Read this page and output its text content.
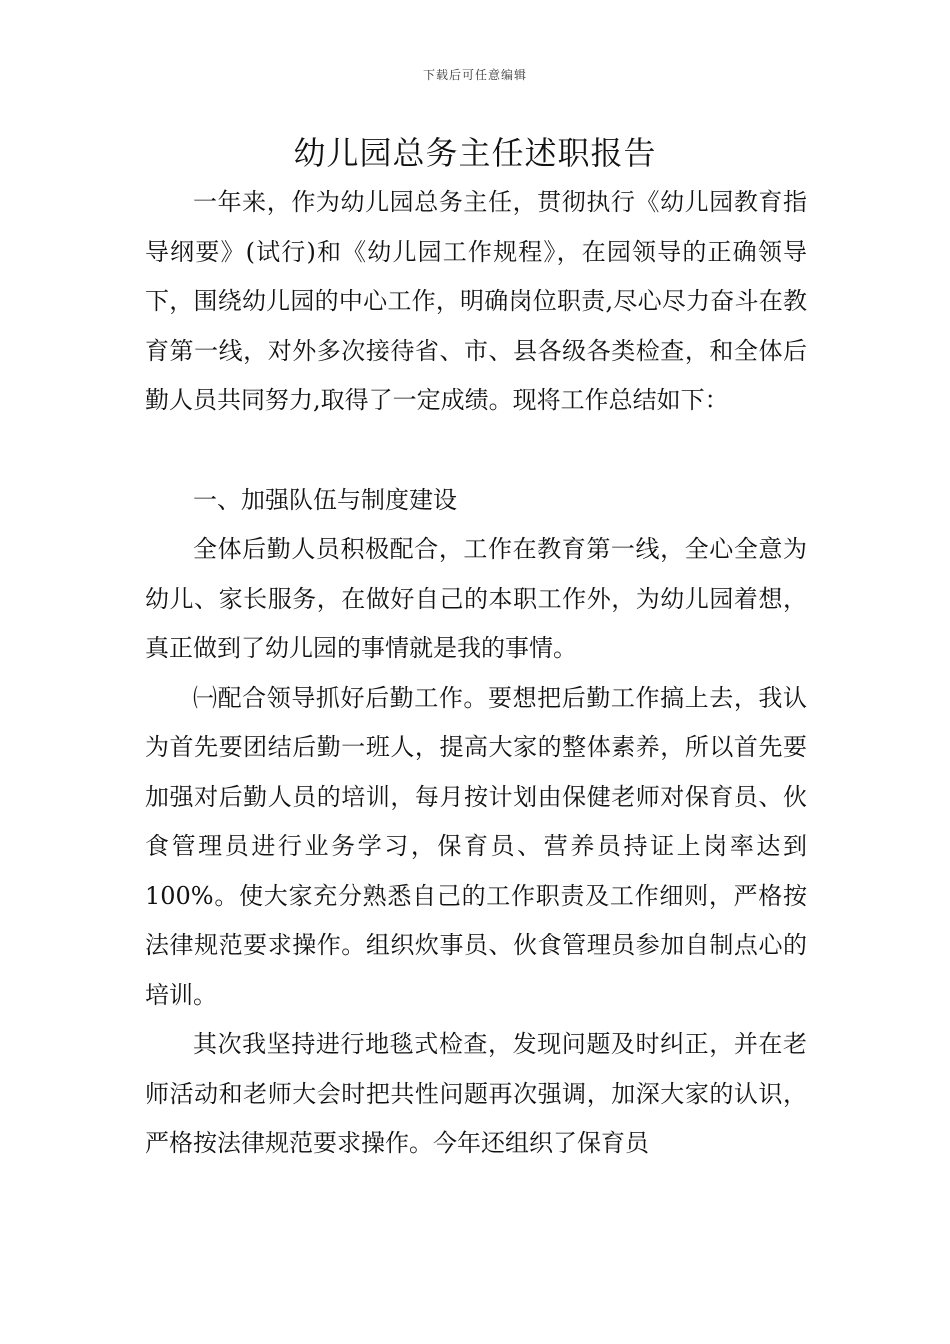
下载后可任意编辑
幼儿园总务主任述职报告

一年来，作为幼儿园总务主任，贯彻执行《幼儿园教育指导纲要》(试行)和《幼儿园工作规程》，在园领导的正确领导下，围绕幼儿园的中心工作，明确岗位职责,尽心尽力奋斗在教育第一线，对外多次接待省、市、县各级各类检查，和全体后勤人员共同努力,取得了一定成绩。现将工作总结如下：

一、加强队伍与制度建设

全体后勤人员积极配合，工作在教育第一线，全心全意为幼儿、家长服务，在做好自己的本职工作外，为幼儿园着想，真正做到了幼儿园的事情就是我的事情。

㈠配合领导抓好后勤工作。要想把后勤工作搞上去，我认为首先要团结后勤一班人，提高大家的整体素养，所以首先要加强对后勤人员的培训，每月按计划由保健老师对保育员、伙食管理员进行业务学习，保育员、营养员持证上岗率达到100%。使大家充分熟悉自己的工作职责及工作细则，严格按法律规范要求操作。组织炊事员、伙食管理员参加自制点心的培训。

其次我坚持进行地毯式检查，发现问题及时纠正，并在老师活动和老师大会时把共性问题再次强调，加深大家的认识，严格按法律规范要求操作。今年还组织了保育员
